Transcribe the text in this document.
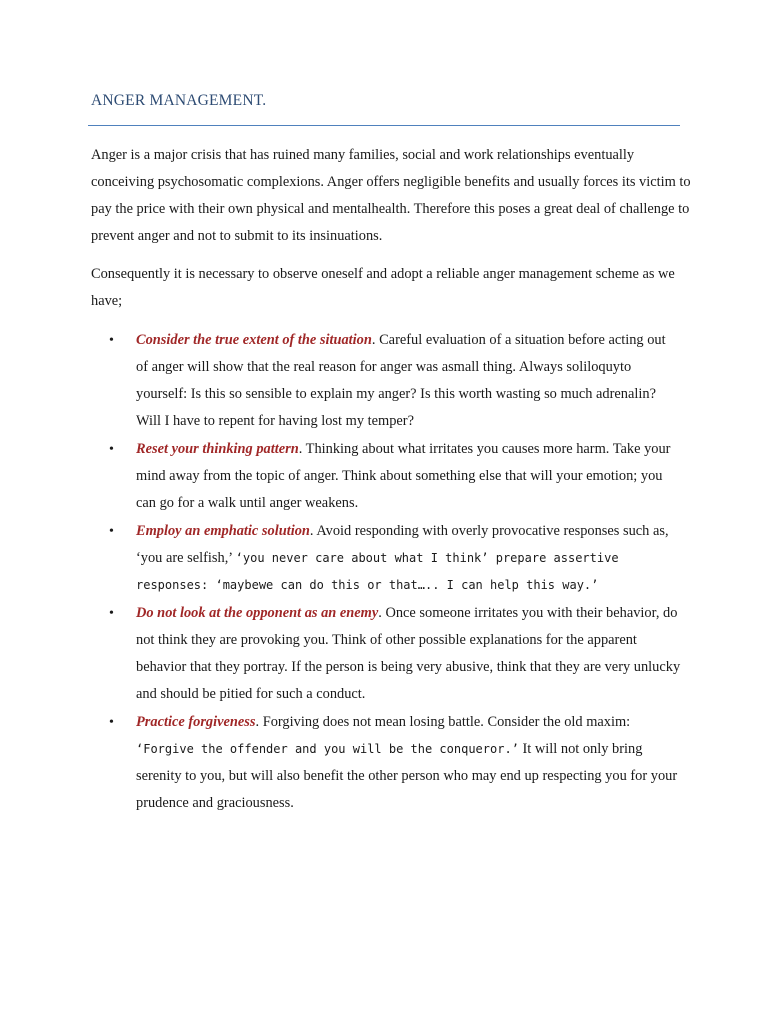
ANGER MANAGEMENT.

Anger is a major crisis that has ruined many families, social and work relationships eventually conceiving psychosomatic complexions. Anger offers negligible benefits and usually forces its victim to pay the price with their own physical and mentalhealth. Therefore this poses a great deal of challenge to prevent anger and not to submit to its insinuations.

Consequently it is necessary to observe oneself and adopt a reliable anger management scheme as we have;

• Consider the true extent of the situation. Careful evaluation of a situation before acting out of anger will show that the real reason for anger was asmall thing. Always soliloquyto yourself: Is this so sensible to explain my anger? Is this worth wasting so much adrenalin? Will I have to repent for having lost my temper?
• Reset your thinking pattern. Thinking about what irritates you causes more harm. Take your mind away from the topic of anger. Think about something else that will your emotion; you can go for a walk until anger weakens.
• Employ an emphatic solution. Avoid responding with overly provocative responses such as, ‘you are selfish,’ ‘you never care about what I think’ prepare assertive responses: ‘maybewe can do this or that….. I can help this way.’
• Do not look at the opponent as an enemy. Once someone irritates you with their behavior, do not think they are provoking you. Think of other possible explanations for the apparent behavior that they portray. If the person is being very abusive, think that they are very unlucky and should be pitied for such a conduct.
• Practice forgiveness. Forgiving does not mean losing battle. Consider the old maxim: ‘Forgive the offender and you will be the conqueror.’ It will not only bring serenity to you, but will also benefit the other person who may end up respecting you for your prudence and graciousness.
